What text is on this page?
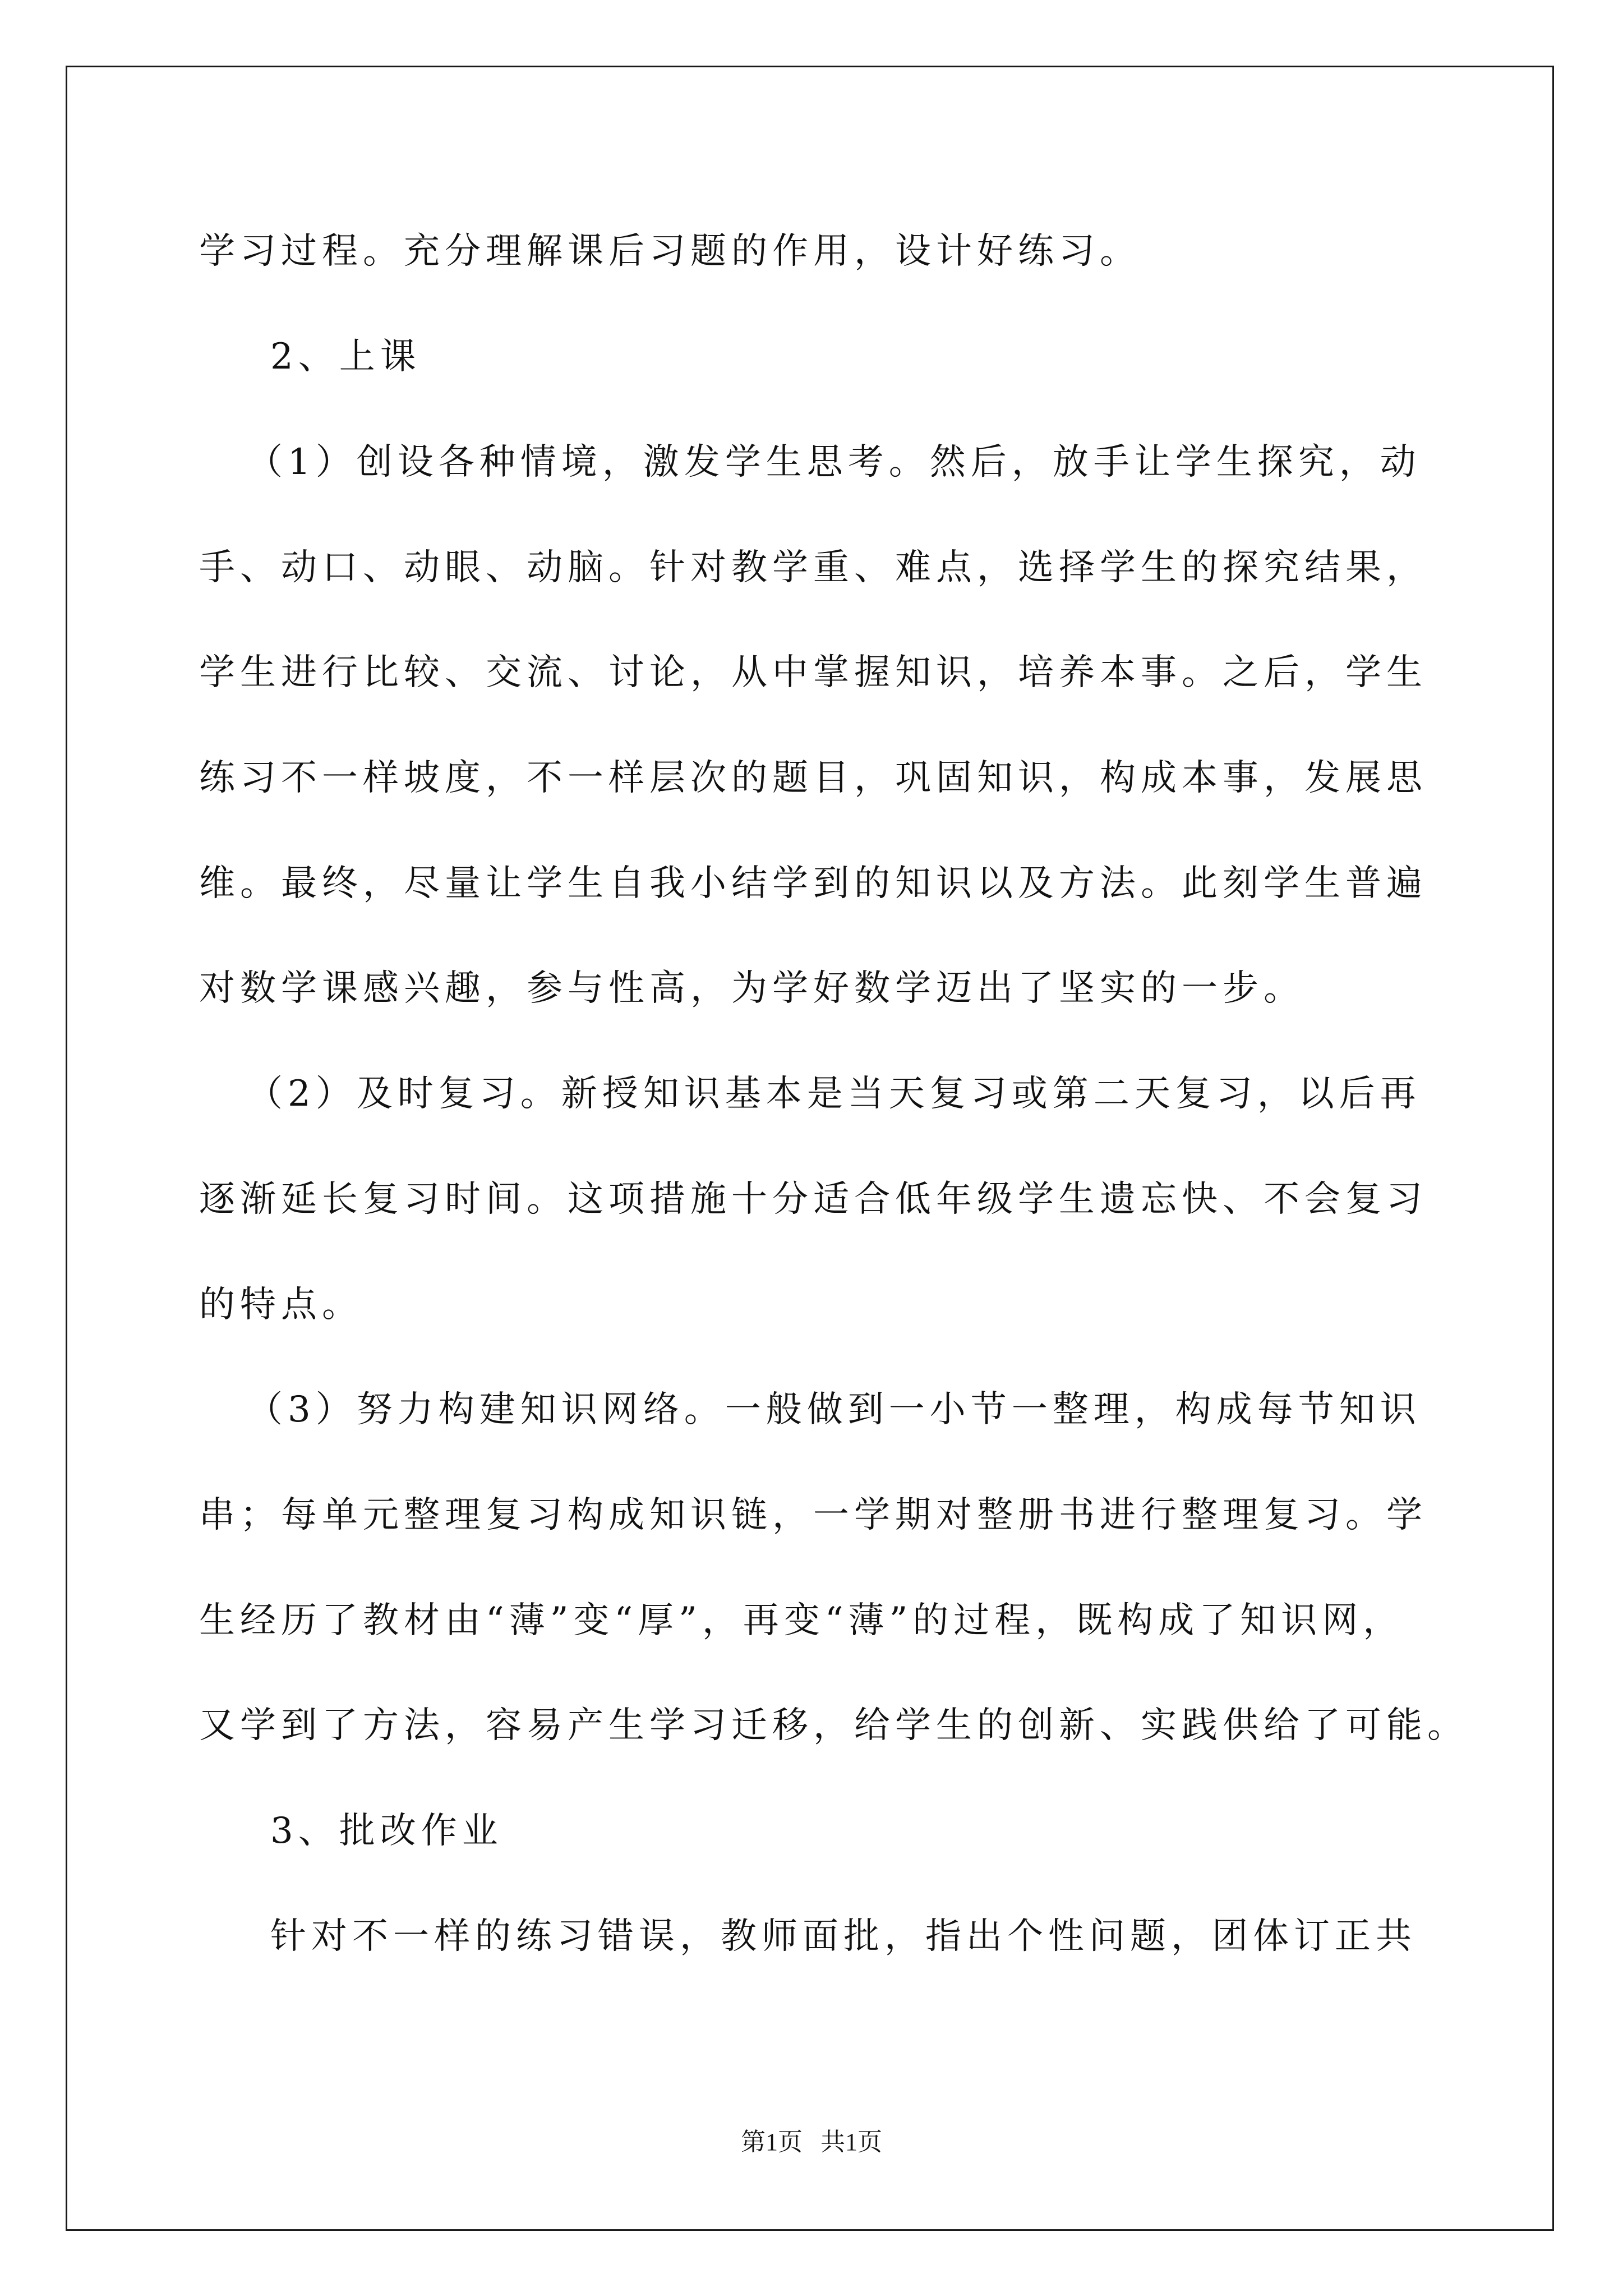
学习过程。充分理解课后习题的作用，设计好练习。
2、上课
（1）创设各种情境，激发学生思考。然后，放手让学生探究，动
手、动口、动眼、动脑。针对教学重、难点，选择学生的探究结果，
学生进行比较、交流、讨论，从中掌握知识，培养本事。之后，学生
练习不一样坡度，不一样层次的题目，巩固知识，构成本事，发展思
维。最终，尽量让学生自我小结学到的知识以及方法。此刻学生普遍
对数学课感兴趣，参与性高，为学好数学迈出了坚实的一步。
（2）及时复习。新授知识基本是当天复习或第二天复习，以后再
逐渐延长复习时间。这项措施十分适合低年级学生遗忘快、不会复习
的特点。
（3）努力构建知识网络。一般做到一小节一整理，构成每节知识
串；每单元整理复习构成知识链，一学期对整册书进行整理复习。学
生经历了教材由“薄”变“厚”，再变“薄”的过程，既构成了知识网，
又学到了方法，容易产生学习迁移，给学生的创新、实践供给了可能。
3、批改作业
针对不一样的练习错误，教师面批，指出个性问题，团体订正共
第1页 共1页
